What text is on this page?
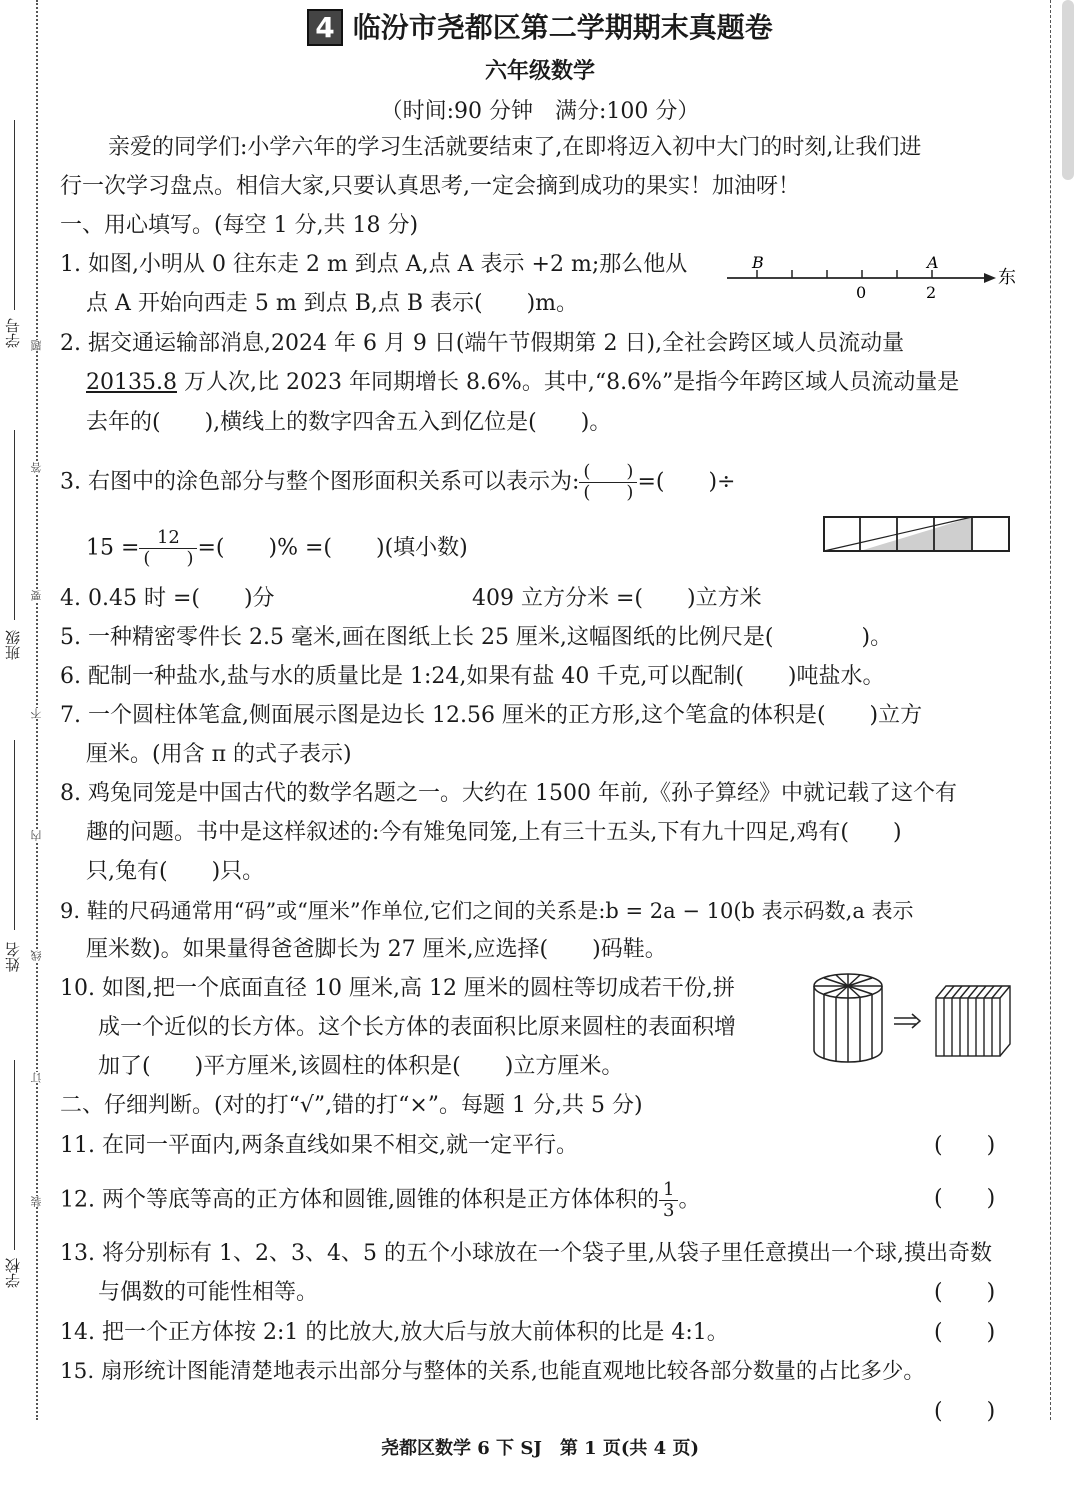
学号
班级
姓名
学校
题
答
要
不
内
线
订
装
4 临汾市尧都区第二学期期末真题卷
六年级数学
（时间:90 分钟　满分:100 分）
亲爱的同学们:小学六年的学习生活就要结束了,在即将迈入初中大门的时刻,让我们进
行一次学习盘点。相信大家,只要认真思考,一定会摘到成功的果实！加油呀！
一、用心填写。(每空 1 分,共 18 分)
1. 如图,小明从 0 往东走 2 m 到点 A,点 A 表示 +2 m;那么他从
点 A 开始向西走 5 m 到点 B,点 B 表示(　　)m。
B	A
0	2
东
2. 据交通运输部消息,2024 年 6 月 9 日(端午节假期第 2 日),全社会跨区域人员流动量
20135.8 万人次,比 2023 年同期增长 8.6%。其中,“8.6%”是指今年跨区域人员流动量是
去年的(　　),横线上的数字四舍五入到亿位是(　　)。
3. 右图中的涂色部分与整个图形面积关系可以表示为: $\frac{( )}{( )}$ =(　　)÷
$15 = \frac{12}{( )}$ =(　　)% =(　　)(填小数)
4. 0.45 时 =(　　)分	409 立方分米 =(　　)立方米
5. 一种精密零件长 2.5 毫米,画在图纸上长 25 厘米,这幅图纸的比例尺是(　　　　)。
6. 配制一种盐水,盐与水的质量比是 1:24,如果有盐 40 千克,可以配制(　　)吨盐水。
7. 一个圆柱体笔盒,侧面展示图是边长 12.56 厘米的正方形,这个笔盒的体积是(　　)立方
厘米。(用含 π 的式子表示)
8. 鸡兔同笼是中国古代的数学名题之一。大约在 1500 年前,《孙子算经》中就记载了这个有
趣的问题。书中是这样叙述的:今有雉兔同笼,上有三十五头,下有九十四足,鸡有(　　)
只,兔有(　　)只。
9. 鞋的尺码通常用“码”或“厘米”作单位,它们之间的关系是:b = 2a − 10(b 表示码数,a 表示
厘米数)。如果量得爸爸脚长为 27 厘米,应选择(　　)码鞋。
10. 如图,把一个底面直径 10 厘米,高 12 厘米的圆柱等切成若干份,拼
成一个近似的长方体。这个长方体的表面积比原来圆柱的表面积增
加了(　　)平方厘米,该圆柱的体积是(　　)立方厘米。
二、仔细判断。(对的打“√”,错的打“×”。每题 1 分,共 5 分)
11. 在同一平面内,两条直线如果不相交,就一定平行。	(　　)
12. 两个等底等高的正方体和圆锥,圆锥的体积是正方体体积的 $\frac{1}{3}$ 。	(　　)
13. 将分别标有 1、2、3、4、5 的五个小球放在一个袋子里,从袋子里任意摸出一个球,摸出奇数
与偶数的可能性相等。	(　　)
14. 把一个正方体按 2:1 的比放大,放大后与放大前体积的比是 4:1。	(　　)
15. 扇形统计图能清楚地表示出部分与整体的关系,也能直观地比较各部分数量的占比多少。
(　　)
尧都区数学 6 下 SJ　第 1 页(共 4 页)
